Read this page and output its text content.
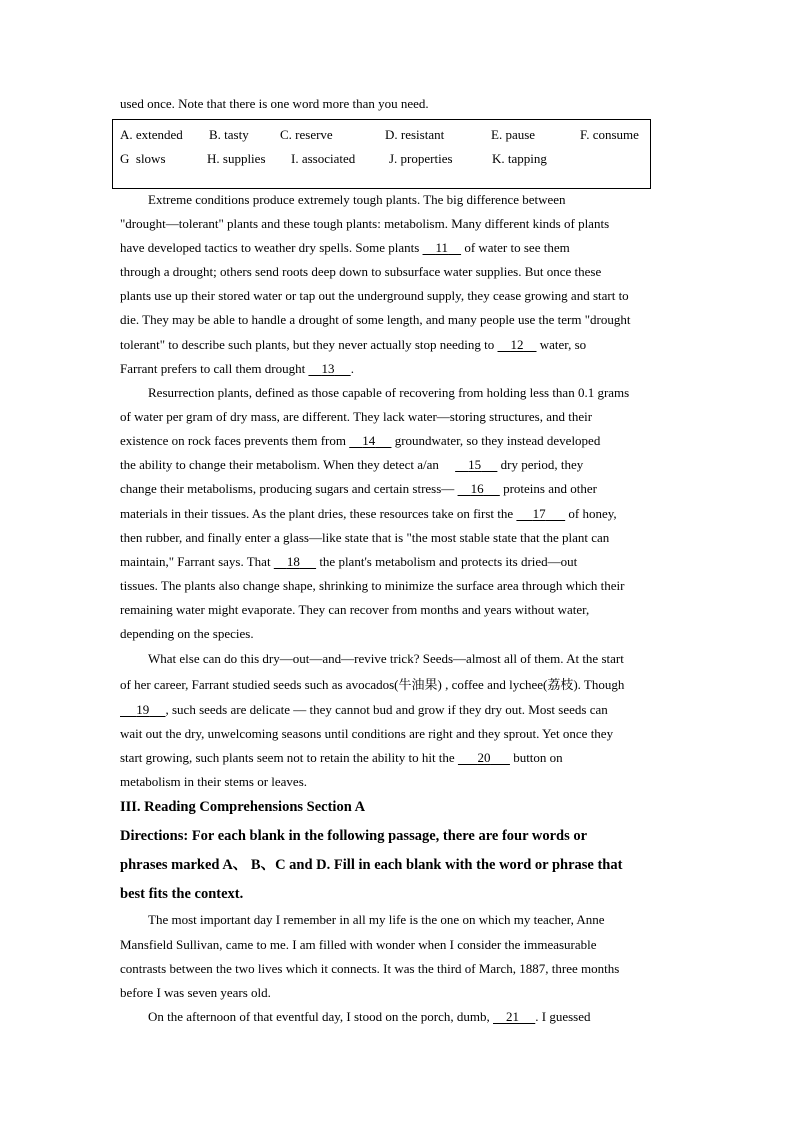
used once. Note that there is one word more than you need.
A. extended B. tasty C. reserve	D. resistant	E. pause	F. consume
G  slows	H. supplies I. associated	J. properties	K. tapping
Extreme conditions produce extremely tough plants. The big difference between
"drought—tolerant" plants and these tough plants: metabolism. Many different kinds of plants
have developed tactics to weather dry spells. Some plants     11     of water to see them
through a drought; others send roots deep down to subsurface water supplies. But once these
plants use up their stored water or tap out the underground supply, they cease growing and start to
die. They may be able to handle a drought of some length, and many people use the term "drought
tolerant" to describe such plants, but they never actually stop needing to     12     water, so
Farrant prefers to call them drought     13 .
Resurrection plants, defined as those capable of recovering from holding less than 0.1 grams
of water per gram of dry mass, are different. They lack water—storing structures, and their
existence on rock faces prevents them from     14      groundwater, so they instead developed
the ability to change their metabolism. When they detect a/an         15      dry period, they
change their metabolisms, producing sugars and certain stress—     16      proteins and other
materials in their tissues. As the plant dries, these resources take on first the      17       of honey,
then rubber, and finally enter a glass—like state that is "the most stable state that the plant can
maintain," Farrant says. That     18      the plant's metabolism and protects its dried—out
tissues. The plants also change shape, shrinking to minimize the surface area through which their
remaining water might evaporate. They can recover from months and years without water,
depending on the species.
What else can do this dry—out—and—revive trick? Seeds—almost all of them. At the start
of her career, Farrant studied seeds such as avocados(牛油果) , coffee and lychee(荔枝). Though
19 , such seeds are delicate — they cannot bud and grow if they dry out. Most seeds can
wait out the dry, unwelcoming seasons until conditions are right and they sprout. Yet once they
start growing, such plants seem not to retain the ability to hit the       20       button on
metabolism in their stems or leaves.
III. Reading Comprehensions Section A
Directions: For each blank in the following passage, there are four words or
phrases marked A、 B、C and D. Fill in each blank with the word or phrase that
best fits the context.
The most important day I remember in all my life is the one on which my teacher, Anne
Mansfield Sullivan, came to me. I am filled with wonder when I consider the immeasurable
contrasts between the two lives which it connects. It was the third of March, 1887, three months
before I was seven years old.
On the afternoon of that eventful day, I stood on the porch, dumb,     21 . I guessed
